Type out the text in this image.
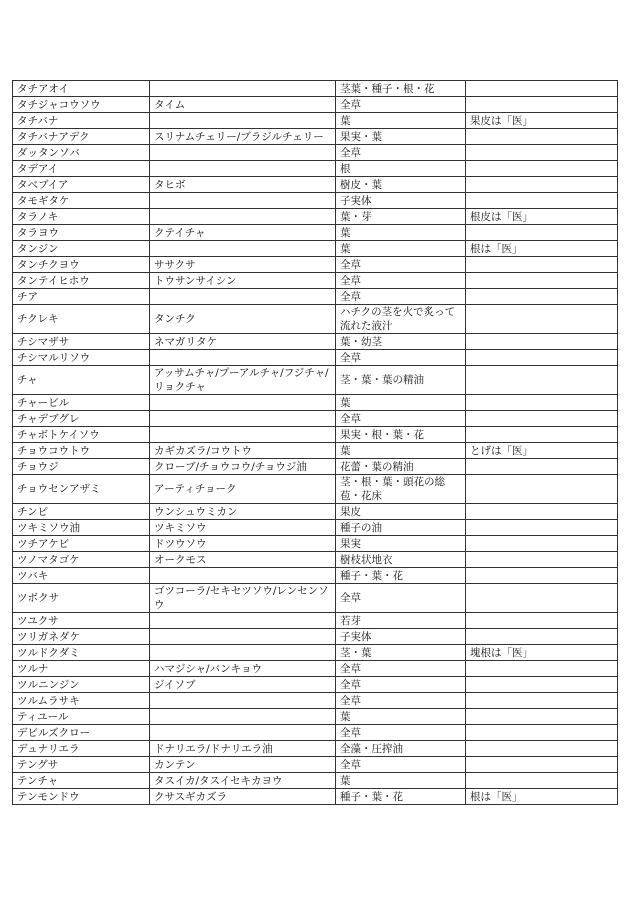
タチアオイ		茎葉・種子・根・花	
タチジャコウソウ	タイム	全草	
タチバナ		葉	果皮は「医」
タチバナアデク	スリナムチェリー/ブラジルチェリー	果実・葉	
ダッタンソバ		全草	
タデアイ		根	
タベブイア	タヒボ	樹皮・葉	
タモギタケ		子実体	
タラノキ		葉・芽	根皮は「医」
タラヨウ	クテイチャ	葉	
タンジン		葉	根は「医」
タンチクヨウ	ササクサ	全草	
タンテイヒホウ	トウサンサイシン	全草	
チア		全草	
チクレキ	タンチク	ハチクの茎を火で炙って流れた液汁	
チシマザサ	ネマガリタケ	葉・幼茎	
チシマルリソウ		全草	
チャ	アッサムチャ/プーアルチャ/フジチャ/リョクチャ	茎・葉・葉の精油	
チャービル		葉	
チャデブグレ		全草	
チャボトケイソウ		果実・根・葉・花	
チョウコウトウ	カギカズラ/コウトウ	葉	とげは「医」
チョウジ	クローブ/チョウコウ/チョウジ油	花蕾・葉の精油	
チョウセンアザミ	アーティチョーク	茎・根・葉・頭花の総苞・花床	
チンピ	ウンシュウミカン	果皮	
ツキミソウ油	ツキミソウ	種子の油	
ツチアケビ	ドツウソウ	果実	
ツノマタゴケ	オークモス	樹枝状地衣	
ツバキ		種子・葉・花	
ツボクサ	ゴツコーラ/セキセツソウ/レンセンソウ	全草	
ツユクサ		若芽	
ツリガネダケ		子実体	
ツルドクダミ		茎・葉	塊根は「医」
ツルナ	ハマジシャ/バンキョウ	全草	
ツルニンジン	ジイソブ	全草	
ツルムラサキ		全草	
ティユール		葉	
デビルズクロー		全草	
デュナリエラ	ドナリエラ/ドナリエラ油	全藻・圧搾油	
テングサ	カンテン	全草	
テンチャ	タスイカ/タスイセキカヨウ	葉	
テンモンドウ	クサスギカズラ	種子・葉・花	根は「医」
